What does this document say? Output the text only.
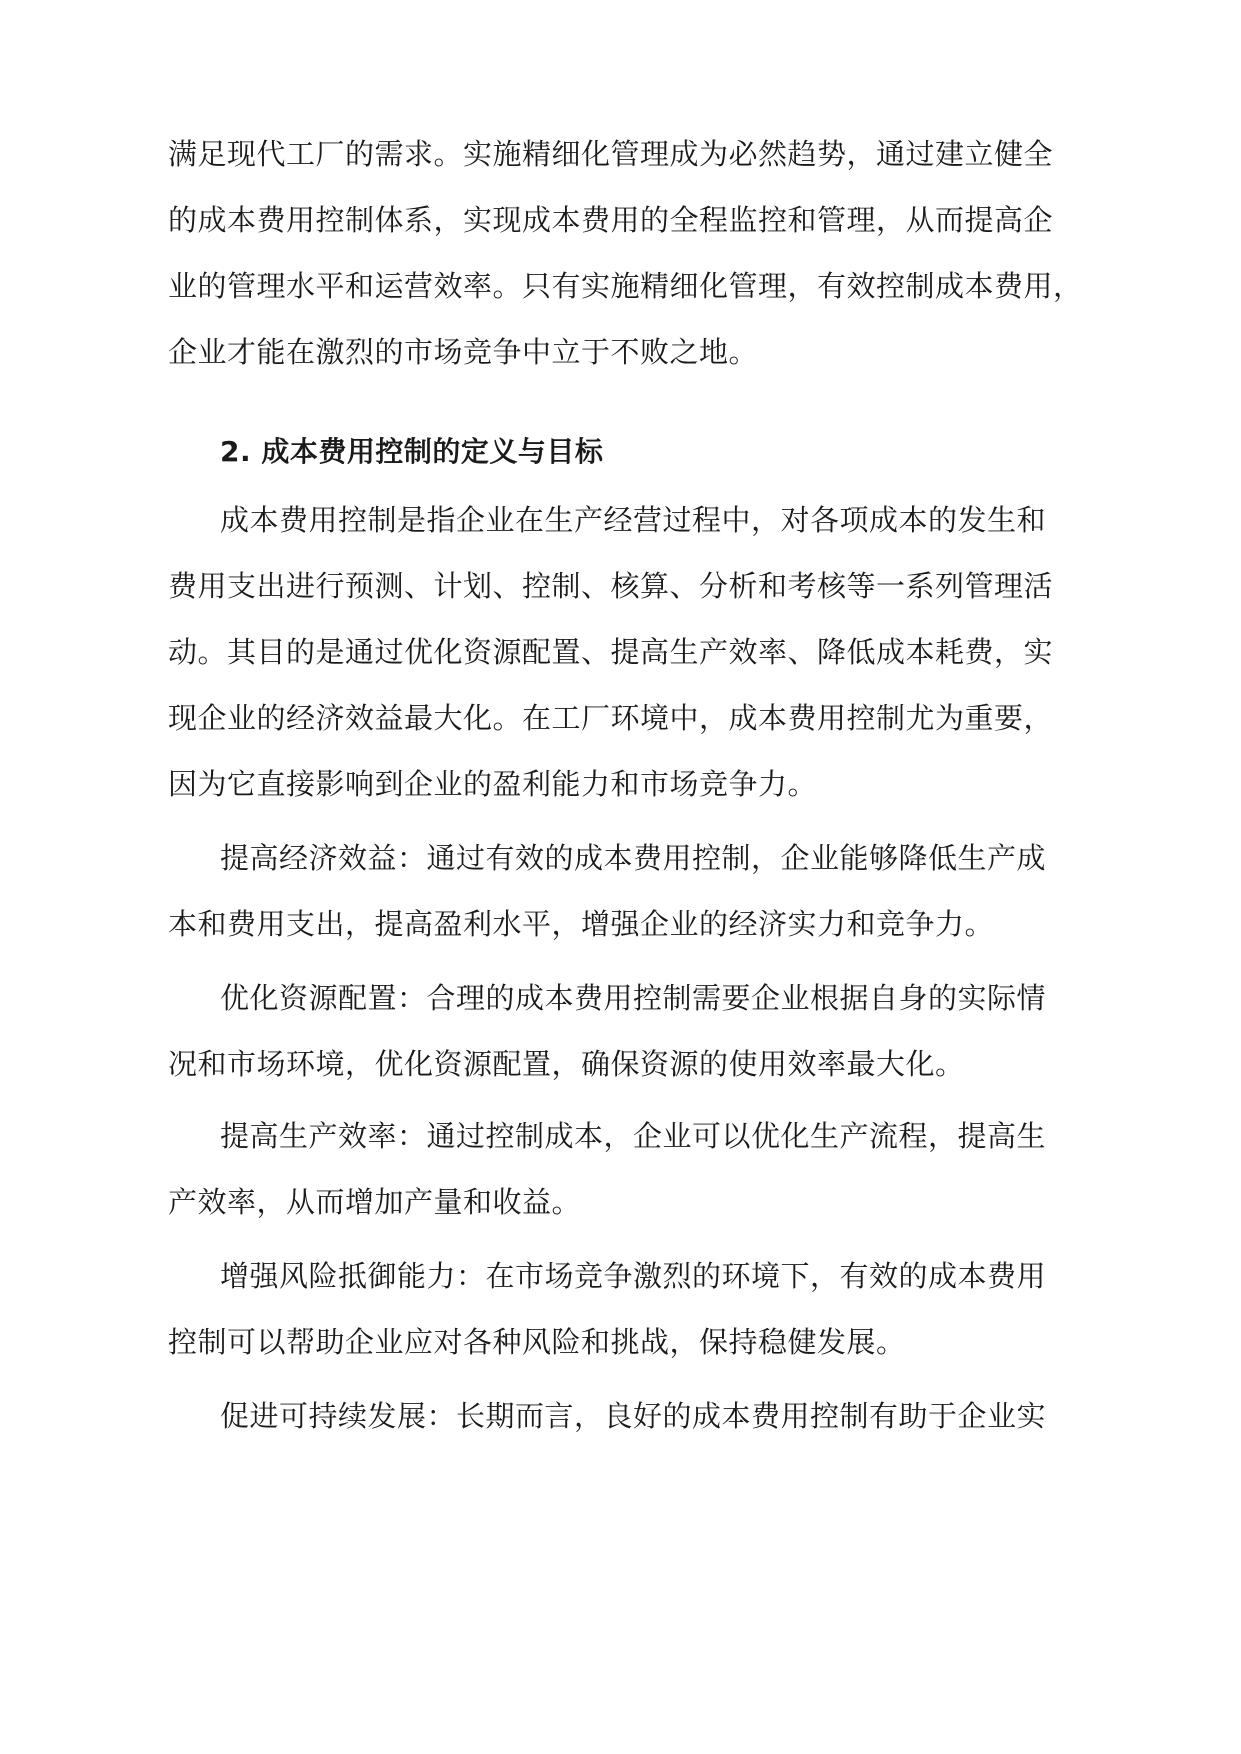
满足现代工厂的需求。实施精细化管理成为必然趋势，通过建立健全
的成本费用控制体系，实现成本费用的全程监控和管理，从而提高企
业的管理水平和运营效率。只有实施精细化管理，有效控制成本费用，
企业才能在激烈的市场竞争中立于不败之地。
2. 成本费用控制的定义与目标
成本费用控制是指企业在生产经营过程中，对各项成本的发生和
费用支出进行预测、计划、控制、核算、分析和考核等一系列管理活
动。其目的是通过优化资源配置、提高生产效率、降低成本耗费，实
现企业的经济效益最大化。在工厂环境中，成本费用控制尤为重要，
因为它直接影响到企业的盈利能力和市场竞争力。
提高经济效益：通过有效的成本费用控制，企业能够降低生产成
本和费用支出，提高盈利水平，增强企业的经济实力和竞争力。
优化资源配置：合理的成本费用控制需要企业根据自身的实际情
况和市场环境，优化资源配置，确保资源的使用效率最大化。
提高生产效率：通过控制成本，企业可以优化生产流程，提高生
产效率，从而增加产量和收益。
增强风险抵御能力：在市场竞争激烈的环境下，有效的成本费用
控制可以帮助企业应对各种风险和挑战，保持稳健发展。
促进可持续发展：长期而言，良好的成本费用控制有助于企业实
